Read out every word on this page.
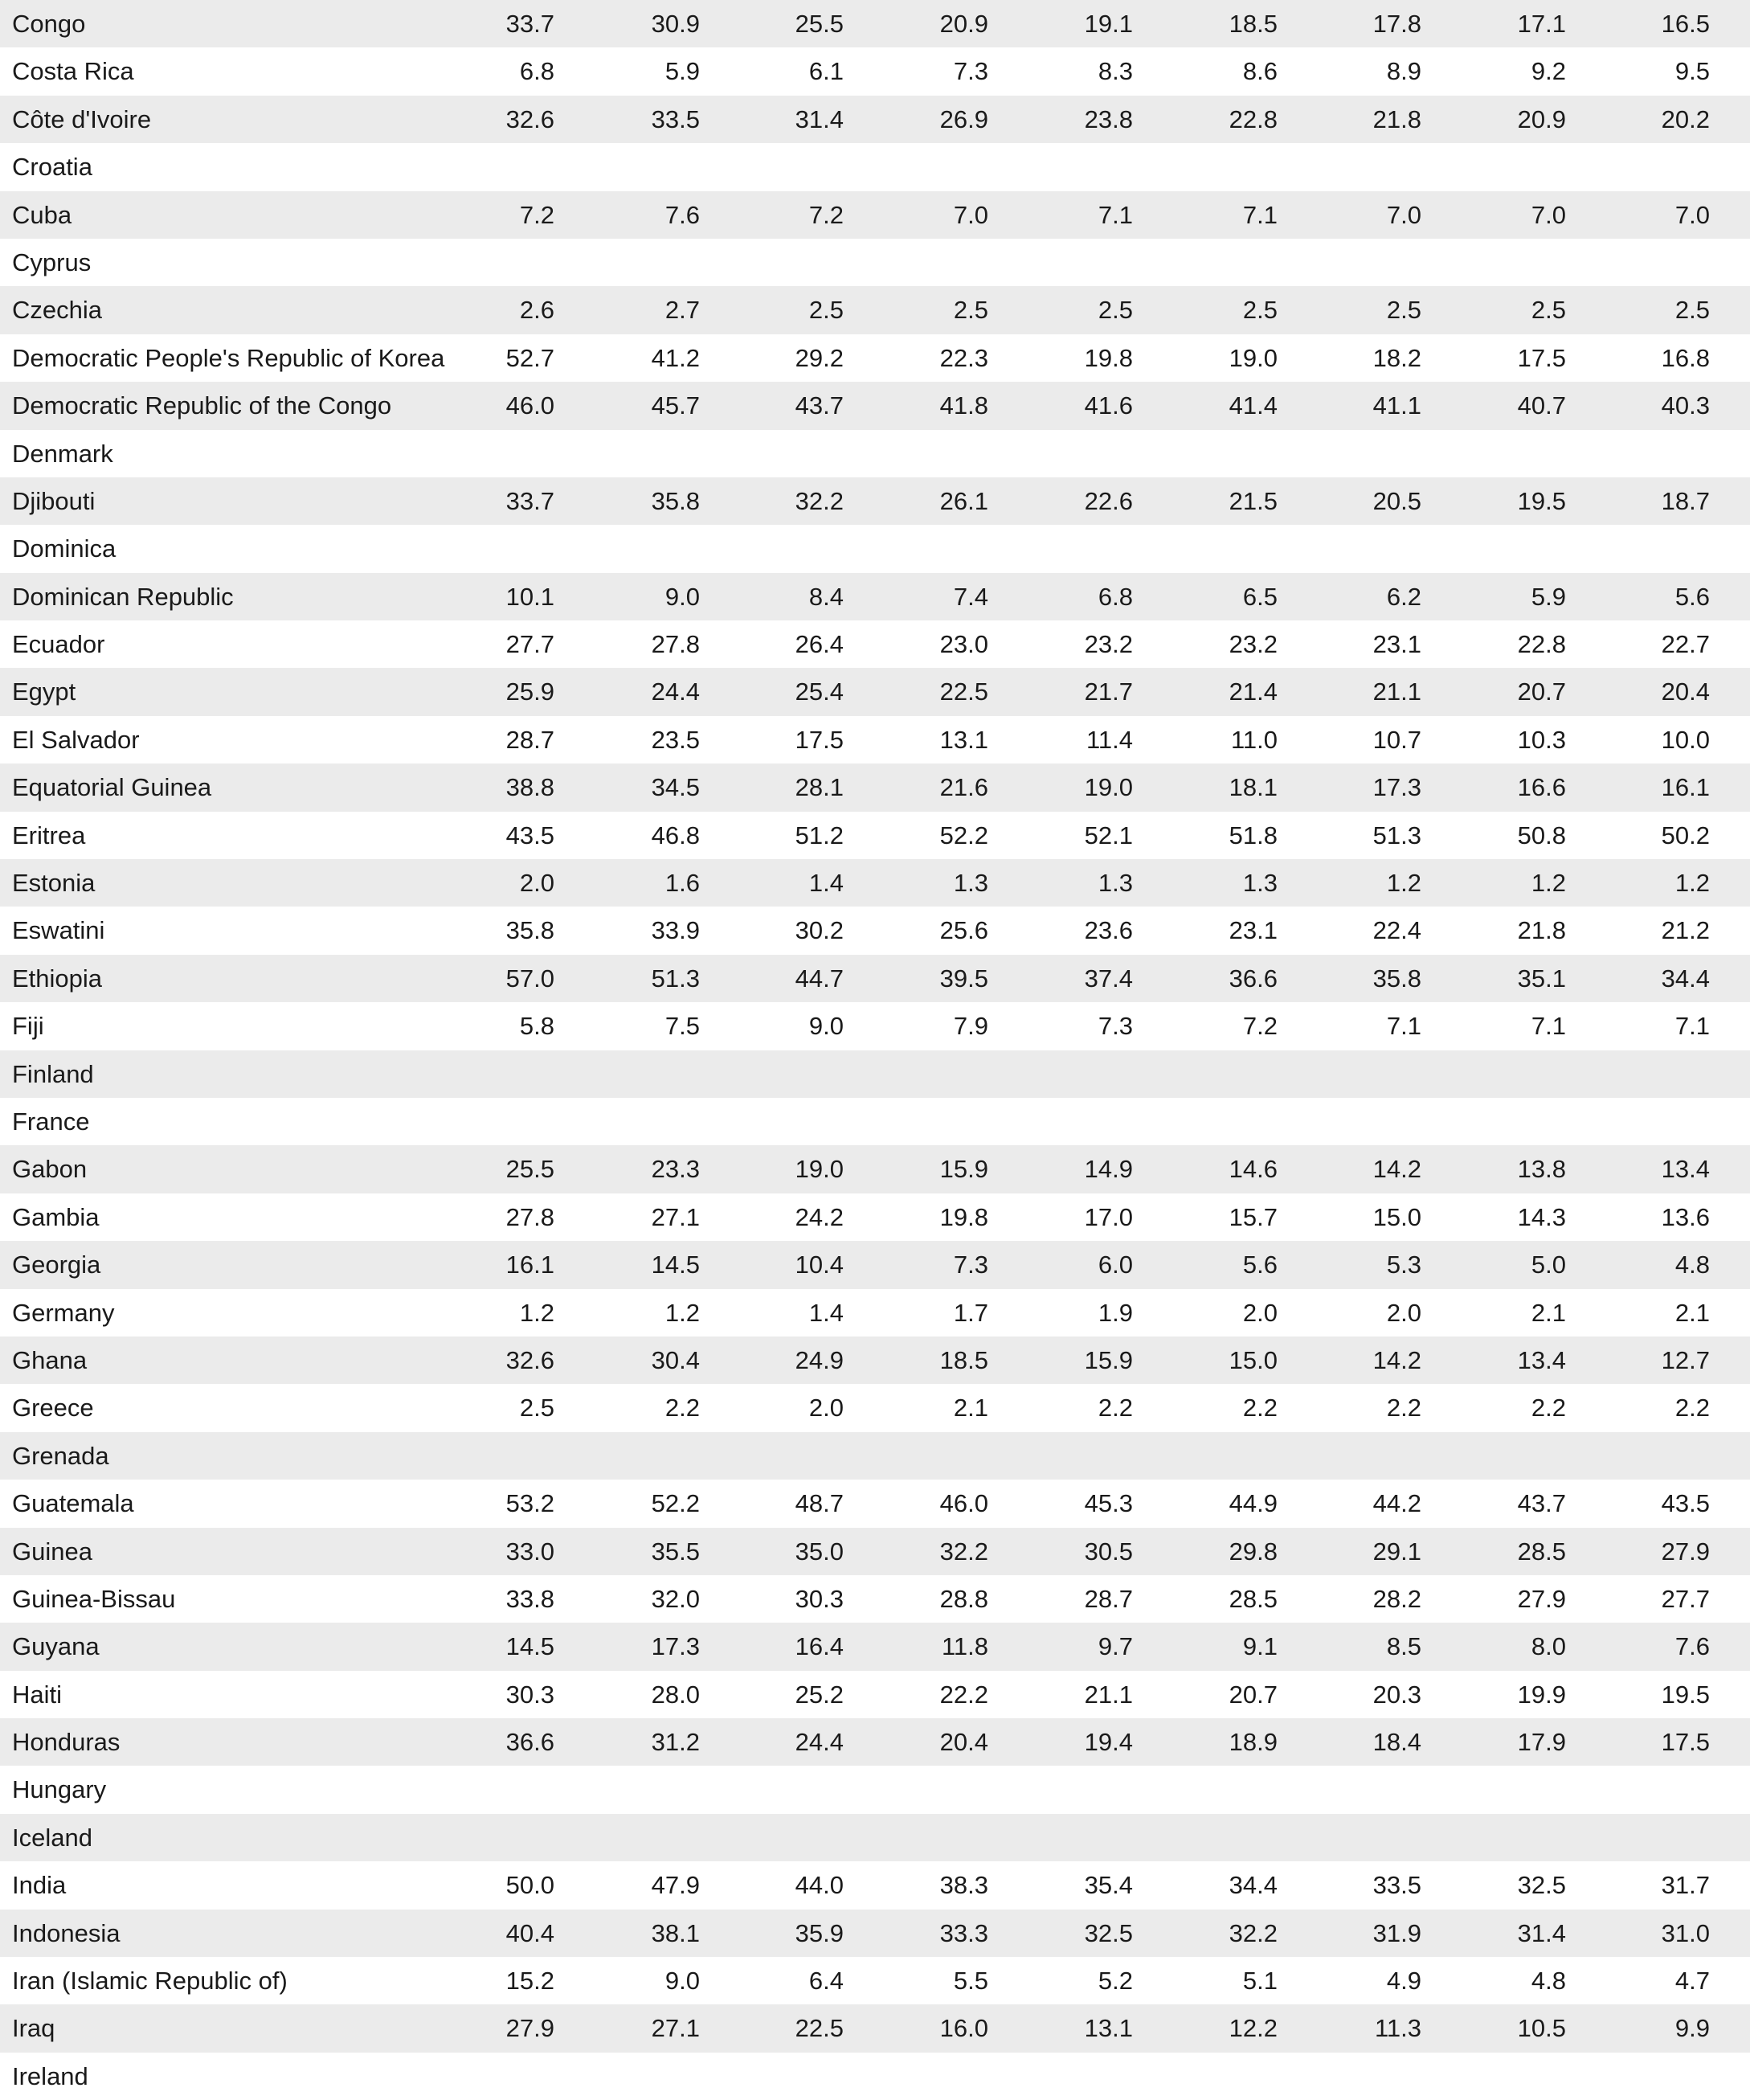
Congo	33.7	30.9	25.5	20.9	19.1	18.5	17.8	17.1	16.5
Costa Rica	6.8	5.9	6.1	7.3	8.3	8.6	8.9	9.2	9.5
Côte d'Ivoire	32.6	33.5	31.4	26.9	23.8	22.8	21.8	20.9	20.2
Croatia
Cuba	7.2	7.6	7.2	7.0	7.1	7.1	7.0	7.0	7.0
Cyprus
Czechia	2.6	2.7	2.5	2.5	2.5	2.5	2.5	2.5	2.5
Democratic People's Republic of Korea	52.7	41.2	29.2	22.3	19.8	19.0	18.2	17.5	16.8
Democratic Republic of the Congo	46.0	45.7	43.7	41.8	41.6	41.4	41.1	40.7	40.3
Denmark
Djibouti	33.7	35.8	32.2	26.1	22.6	21.5	20.5	19.5	18.7
Dominica
Dominican Republic	10.1	9.0	8.4	7.4	6.8	6.5	6.2	5.9	5.6
Ecuador	27.7	27.8	26.4	23.0	23.2	23.2	23.1	22.8	22.7
Egypt	25.9	24.4	25.4	22.5	21.7	21.4	21.1	20.7	20.4
El Salvador	28.7	23.5	17.5	13.1	11.4	11.0	10.7	10.3	10.0
Equatorial Guinea	38.8	34.5	28.1	21.6	19.0	18.1	17.3	16.6	16.1
Eritrea	43.5	46.8	51.2	52.2	52.1	51.8	51.3	50.8	50.2
Estonia	2.0	1.6	1.4	1.3	1.3	1.3	1.2	1.2	1.2
Eswatini	35.8	33.9	30.2	25.6	23.6	23.1	22.4	21.8	21.2
Ethiopia	57.0	51.3	44.7	39.5	37.4	36.6	35.8	35.1	34.4
Fiji	5.8	7.5	9.0	7.9	7.3	7.2	7.1	7.1	7.1
Finland
France
Gabon	25.5	23.3	19.0	15.9	14.9	14.6	14.2	13.8	13.4
Gambia	27.8	27.1	24.2	19.8	17.0	15.7	15.0	14.3	13.6
Georgia	16.1	14.5	10.4	7.3	6.0	5.6	5.3	5.0	4.8
Germany	1.2	1.2	1.4	1.7	1.9	2.0	2.0	2.1	2.1
Ghana	32.6	30.4	24.9	18.5	15.9	15.0	14.2	13.4	12.7
Greece	2.5	2.2	2.0	2.1	2.2	2.2	2.2	2.2	2.2
Grenada
Guatemala	53.2	52.2	48.7	46.0	45.3	44.9	44.2	43.7	43.5
Guinea	33.0	35.5	35.0	32.2	30.5	29.8	29.1	28.5	27.9
Guinea-Bissau	33.8	32.0	30.3	28.8	28.7	28.5	28.2	27.9	27.7
Guyana	14.5	17.3	16.4	11.8	9.7	9.1	8.5	8.0	7.6
Haiti	30.3	28.0	25.2	22.2	21.1	20.7	20.3	19.9	19.5
Honduras	36.6	31.2	24.4	20.4	19.4	18.9	18.4	17.9	17.5
Hungary
Iceland
India	50.0	47.9	44.0	38.3	35.4	34.4	33.5	32.5	31.7
Indonesia	40.4	38.1	35.9	33.3	32.5	32.2	31.9	31.4	31.0
Iran (Islamic Republic of)	15.2	9.0	6.4	5.5	5.2	5.1	4.9	4.8	4.7
Iraq	27.9	27.1	22.5	16.0	13.1	12.2	11.3	10.5	9.9
Ireland
